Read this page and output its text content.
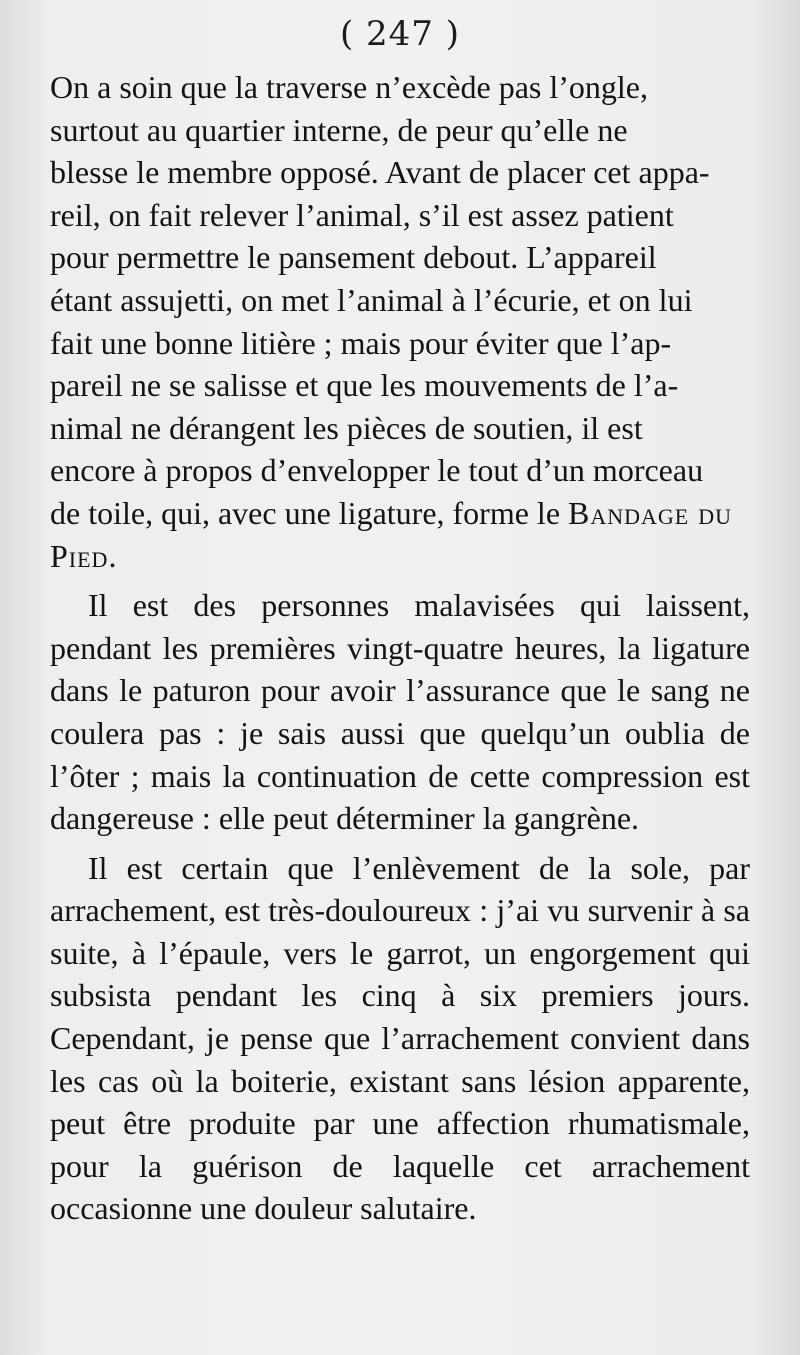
( 247 )

On a soin que la traverse n’excède pas l’ongle,
surtout au quartier interne, de peur qu’elle ne
blesse le membre opposé. Avant de placer cet appa-
reil, on fait relever l’animal, s’il est assez patient
pour permettre le pansement debout. L’appareil
étant assujetti, on met l’animal à l’écurie, et on lui
fait une bonne litière ; mais pour éviter que l’ap-
pareil ne se salisse et que les mouvements de l’a-
nimal ne dérangent les pièces de soutien, il est
encore à propos d’envelopper le tout d’un morceau
de toile, qui, avec une ligature, forme le Bandage du Pied.

Il est des personnes malavisées qui laissent, pendant les premières vingt-quatre heures, la ligature dans le paturon pour avoir l’assurance que le sang ne coulera pas : je sais aussi que quelqu’un oublia de l’ôter ; mais la continuation de cette compression est dangereuse : elle peut déterminer la gangrène.

Il est certain que l’enlèvement de la sole, par arrachement, est très-douloureux : j’ai vu survenir à sa suite, à l’épaule, vers le garrot, un engorgement qui subsista pendant les cinq à six premiers jours. Cependant, je pense que l’arrachement convient dans les cas où la boiterie, existant sans lésion apparente, peut être produite par une affection rhumatismale, pour la guérison de laquelle cet arrachement occasionne une douleur salutaire.
